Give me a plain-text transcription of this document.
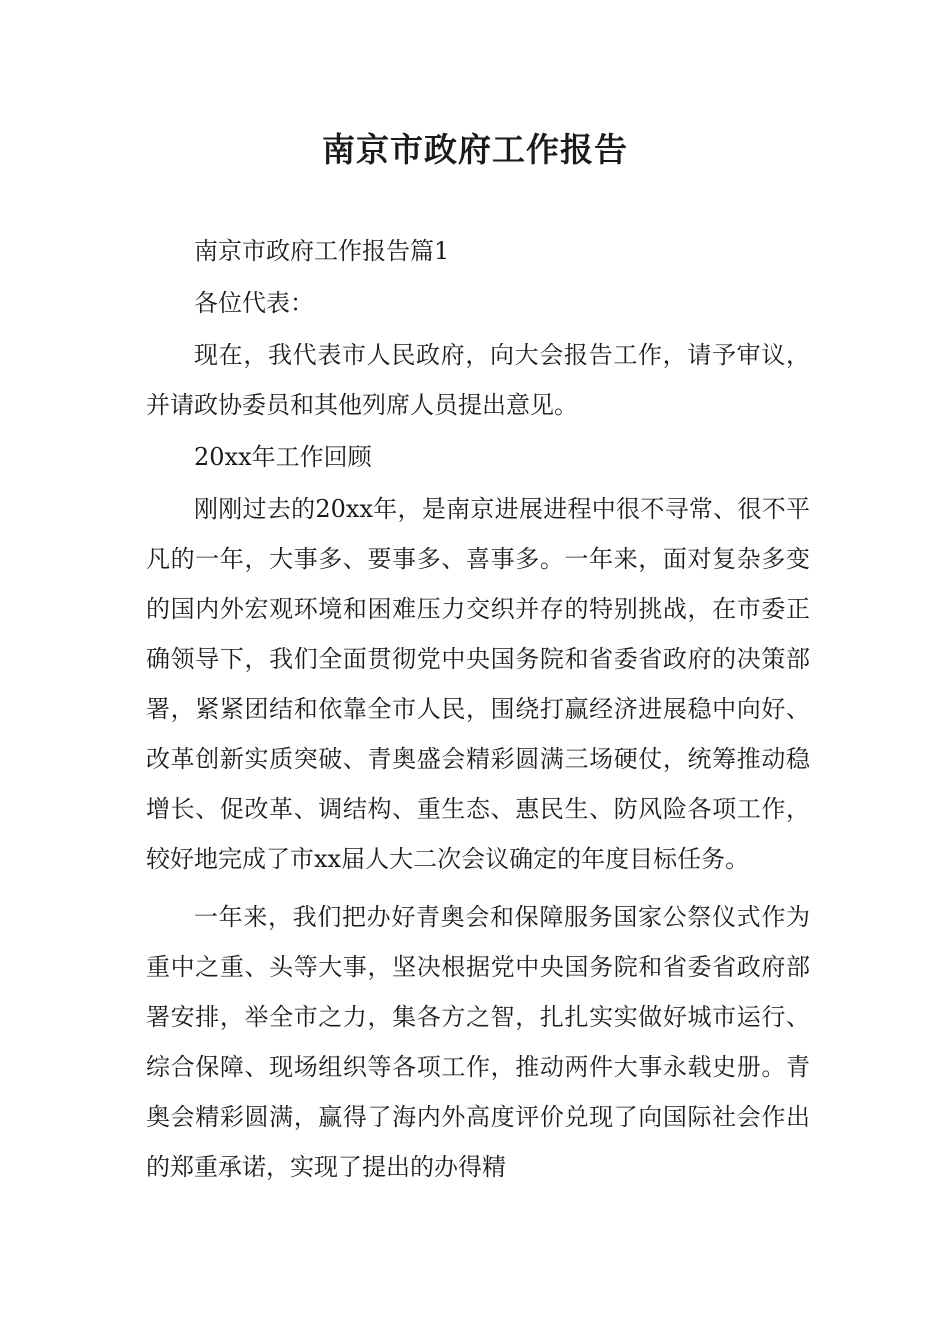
南京市政府工作报告

南京市政府工作报告篇1

各位代表：

现在，我代表市人民政府，向大会报告工作，请予审议，并请政协委员和其他列席人员提出意见。

20xx年工作回顾

刚刚过去的20xx年，是南京进展进程中很不寻常、很不平凡的一年，大事多、要事多、喜事多。一年来，面对复杂多变的国内外宏观环境和困难压力交织并存的特别挑战，在市委正确领导下，我们全面贯彻党中央国务院和省委省政府的决策部署，紧紧团结和依靠全市人民，围绕打赢经济进展稳中向好、改革创新实质突破、青奥盛会精彩圆满三场硬仗，统筹推动稳增长、促改革、调结构、重生态、惠民生、防风险各项工作，较好地完成了市xx届人大二次会议确定的年度目标任务。

一年来，我们把办好青奥会和保障服务国家公祭仪式作为重中之重、头等大事，坚决根据党中央国务院和省委省政府部署安排，举全市之力，集各方之智，扎扎实实做好城市运行、综合保障、现场组织等各项工作，推动两件大事永载史册。青奥会精彩圆满，赢得了海内外高度评价兑现了向国际社会作出的郑重承诺，实现了提出的办得精
